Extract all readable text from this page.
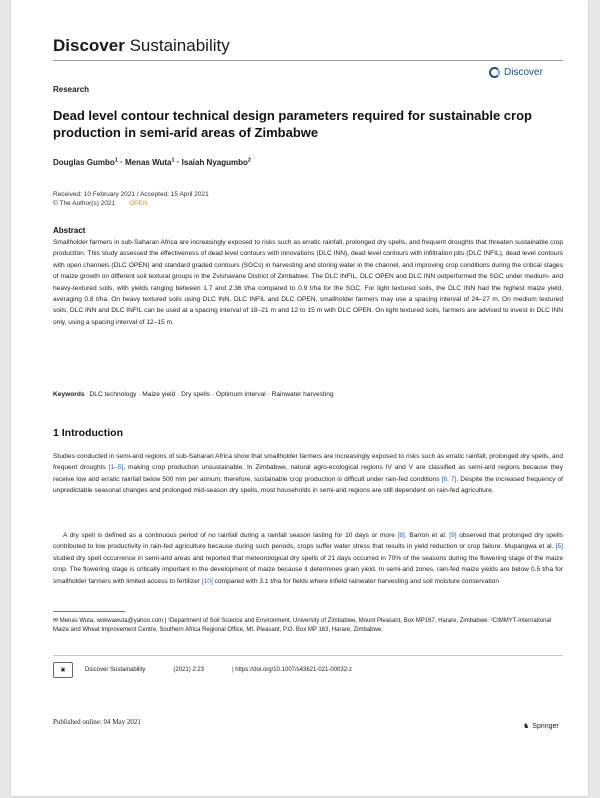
Discover Sustainability
Research
Discover
Dead level contour technical design parameters required for sustainable crop production in semi-arid areas of Zimbabwe
Douglas Gumbo$^1$ · Menas Wuta$^1$ · Isaiah Nyagumbo$^2$
Received: 10 February 2021 / Accepted: 15 April 2021
© The Author(s) 2021 OPEN
Abstract

Smallholder farmers in sub-Saharan Africa are increasingly exposed to risks such as erratic rainfall, prolonged dry spells, and frequent droughts that threaten sustainable crop production. This study assessed the effectiveness of dead level contours with innovations (DLC INN), dead level contours with infiltration pits (DLC INFIL), dead level contours with open channels (DLC OPEN) and standard graded contours (SGCs) in harvesting and storing water in the channel, and improving crop conditions during the critical stages of maize growth on different soil textural groups in the Zvishavane District of Zimbabwe. The DLC INFIL, DLC OPEN and DLC INN outperformed the SGC under medium- and heavy-textured soils, with yields ranging between 1.7 and 2.36 t/ha compared to 0.9 t/ha for the SGC. For light textured soils, the DLC INN had the highest maize yield, averaging 0.8 t/ha. On heavy textured soils using DLC INN, DLC INFIL and DLC OPEN, smallholder farmers may use a spacing interval of 24–27 m. On medium textured soils, DLC INN and DLC INFIL can be used at a spacing interval of 18–21 m and 12 to 15 m with DLC OPEN. On light textured soils, farmers are advised to invest in DLC INN only, using a spacing interval of 12–15 m.

Keywords DLC technology · Maize yield · Dry spells · Optimum interval · Rainwater harvesting
1 Introduction

Studies conducted in semi-arid regions of sub-Saharan Africa show that smallholder farmers are increasingly exposed to risks such as erratic rainfall, prolonged dry spells, and frequent droughts [1–5], making crop production unsustainable. In Zimbabwe, natural agro-ecological regions IV and V are classified as semi-arid regions because they receive low and erratic rainfall below 500 mm per annum; therefore, sustainable crop production is difficult under rain-fed conditions [6, 7]. Despite the increased frequency of unpredictable seasonal changes and prolonged mid-season dry spells, most households in semi-arid regions are still dependent on rain-fed agriculture.

A dry spell is defined as a continuous period of no rainfall during a rainfall season lasting for 10 days or more [8]. Barron et al. [9] observed that prolonged dry spells contributed to low productivity in rain-fed agriculture because during such periods, crops suffer water stress that results in yield reduction or crop failure. Mupangwa et al. [5] studied dry spell occurrence in semi-arid areas and reported that meteorological dry spells of 21 days occurred in 70% of the seasons during the flowering stage of the maize crop. The flowering stage is critically important in the development of maize because it determines grain yield. In semi-arid zones, rain-fed maize yields are below 0.5 t/ha for smallholder farmers with limited access to fertilizer [10] compared with 3.1 t/ha for fields where infield rainwater harvesting and soil moisture conservation

✉ Menas Wuta, wokwawuta@yahoo.com | ¹Department of Soil Science and Environment, University of Zimbabwe, Mount Pleasant, Box MP167, Harare, Zimbabwe. ²CIMMYT-International Maize and Wheat Improvement Centre, Southern Africa Regional Office, Mt. Pleasant, P.O. Box MP 163, Harare, Zimbabwe.
▣	Discover Sustainability	(2021) 2:23	| https://doi.org/10.1007/s43621-021-00032-z
Published online: 04 May 2021
♞ Springer
